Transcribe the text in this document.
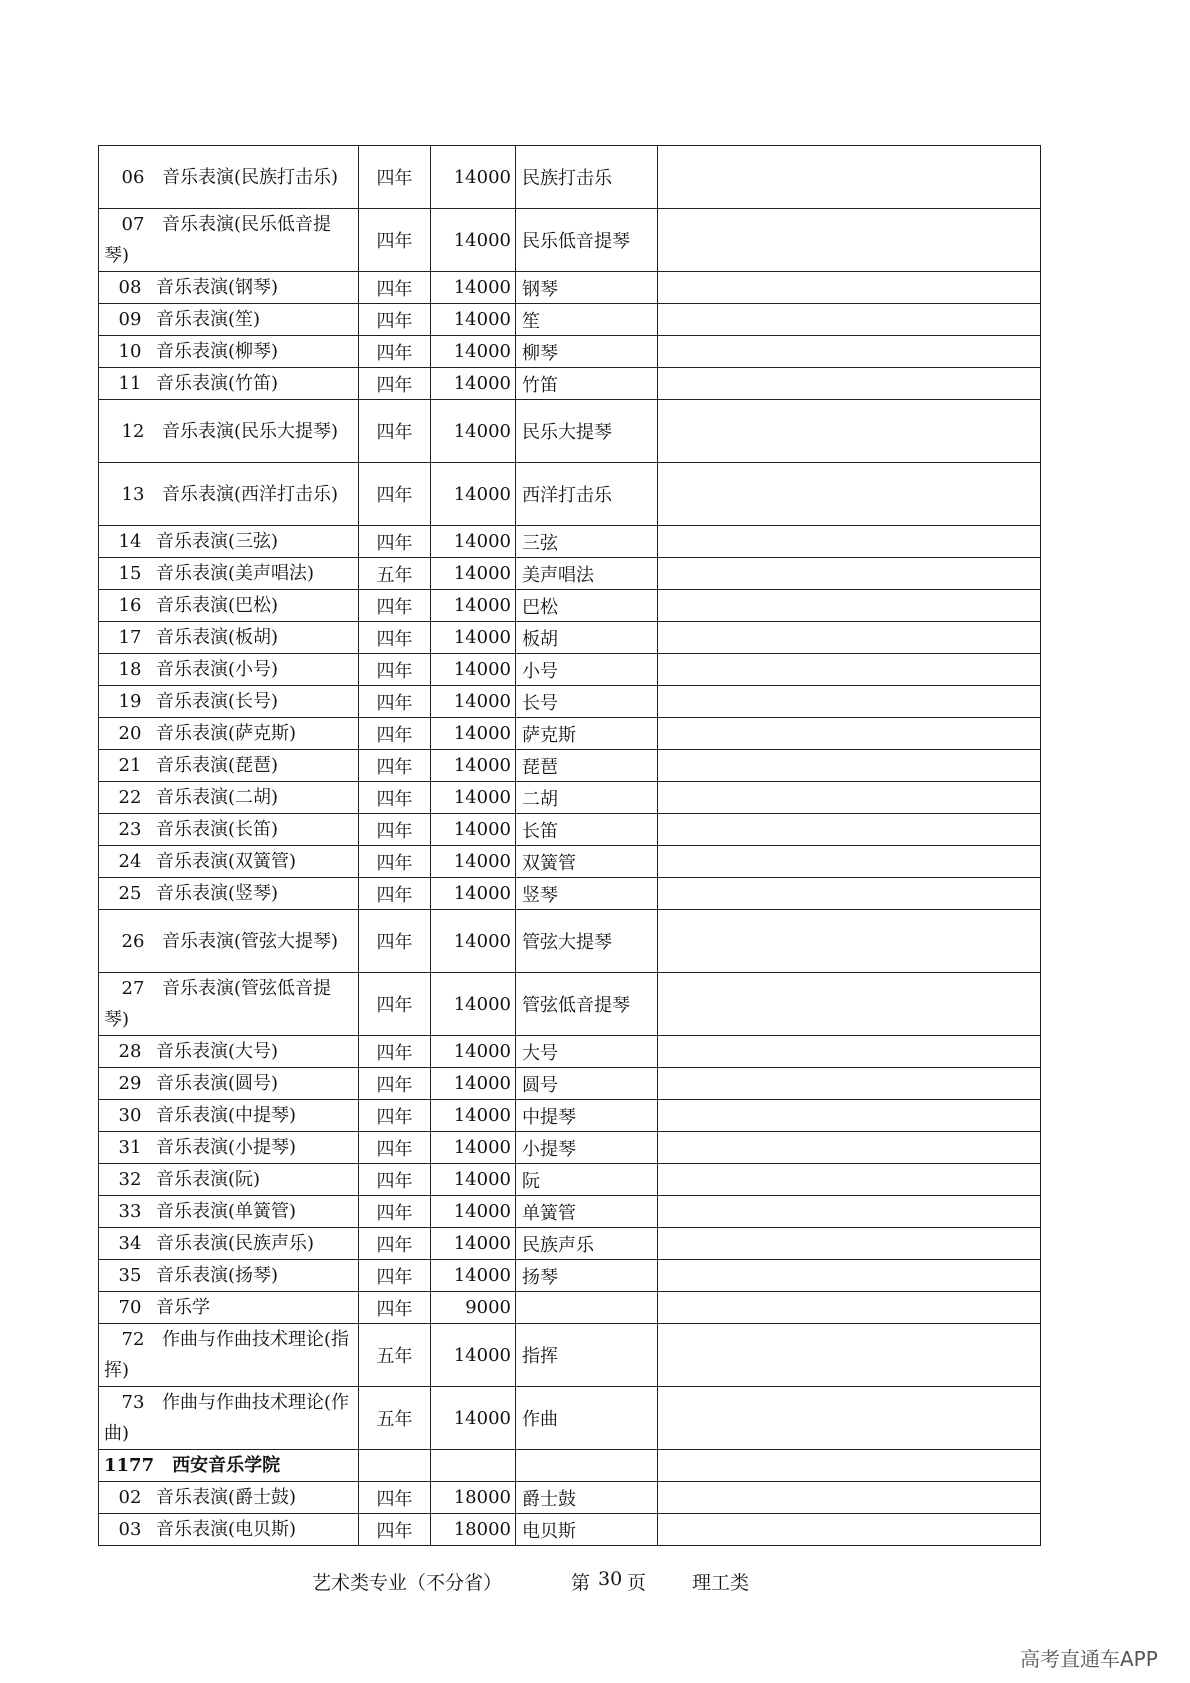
06 音乐表演(民族打击乐)	四年	14000	民族打击乐	
07 音乐表演(民乐低音提琴)	四年	14000	民乐低音提琴	
08 音乐表演(钢琴)	四年	14000	钢琴	
09 音乐表演(笙)	四年	14000	笙	
10 音乐表演(柳琴)	四年	14000	柳琴	
11 音乐表演(竹笛)	四年	14000	竹笛	
12 音乐表演(民乐大提琴)	四年	14000	民乐大提琴	
13 音乐表演(西洋打击乐)	四年	14000	西洋打击乐	
14 音乐表演(三弦)	四年	14000	三弦	
15 音乐表演(美声唱法)	五年	14000	美声唱法	
16 音乐表演(巴松)	四年	14000	巴松	
17 音乐表演(板胡)	四年	14000	板胡	
18 音乐表演(小号)	四年	14000	小号	
19 音乐表演(长号)	四年	14000	长号	
20 音乐表演(萨克斯)	四年	14000	萨克斯	
21 音乐表演(琵琶)	四年	14000	琵琶	
22 音乐表演(二胡)	四年	14000	二胡	
23 音乐表演(长笛)	四年	14000	长笛	
24 音乐表演(双簧管)	四年	14000	双簧管	
25 音乐表演(竖琴)	四年	14000	竖琴	
26 音乐表演(管弦大提琴)	四年	14000	管弦大提琴	
27 音乐表演(管弦低音提琴)	四年	14000	管弦低音提琴	
28 音乐表演(大号)	四年	14000	大号	
29 音乐表演(圆号)	四年	14000	圆号	
30 音乐表演(中提琴)	四年	14000	中提琴	
31 音乐表演(小提琴)	四年	14000	小提琴	
32 音乐表演(阮)	四年	14000	阮	
33 音乐表演(单簧管)	四年	14000	单簧管	
34 音乐表演(民族声乐)	四年	14000	民族声乐	
35 音乐表演(扬琴)	四年	14000	扬琴	
70 音乐学	四年	9000		
72 作曲与作曲技术理论(指挥)	五年	14000	指挥	
73 作曲与作曲技术理论(作曲)	五年	14000	作曲	
1177 西安音乐学院				
02 音乐表演(爵士鼓)	四年	18000	爵士鼓	
03 音乐表演(电贝斯)	四年	18000	电贝斯	
艺术类专业（不分省）	第 30 页 理工类
高考直通车APP
